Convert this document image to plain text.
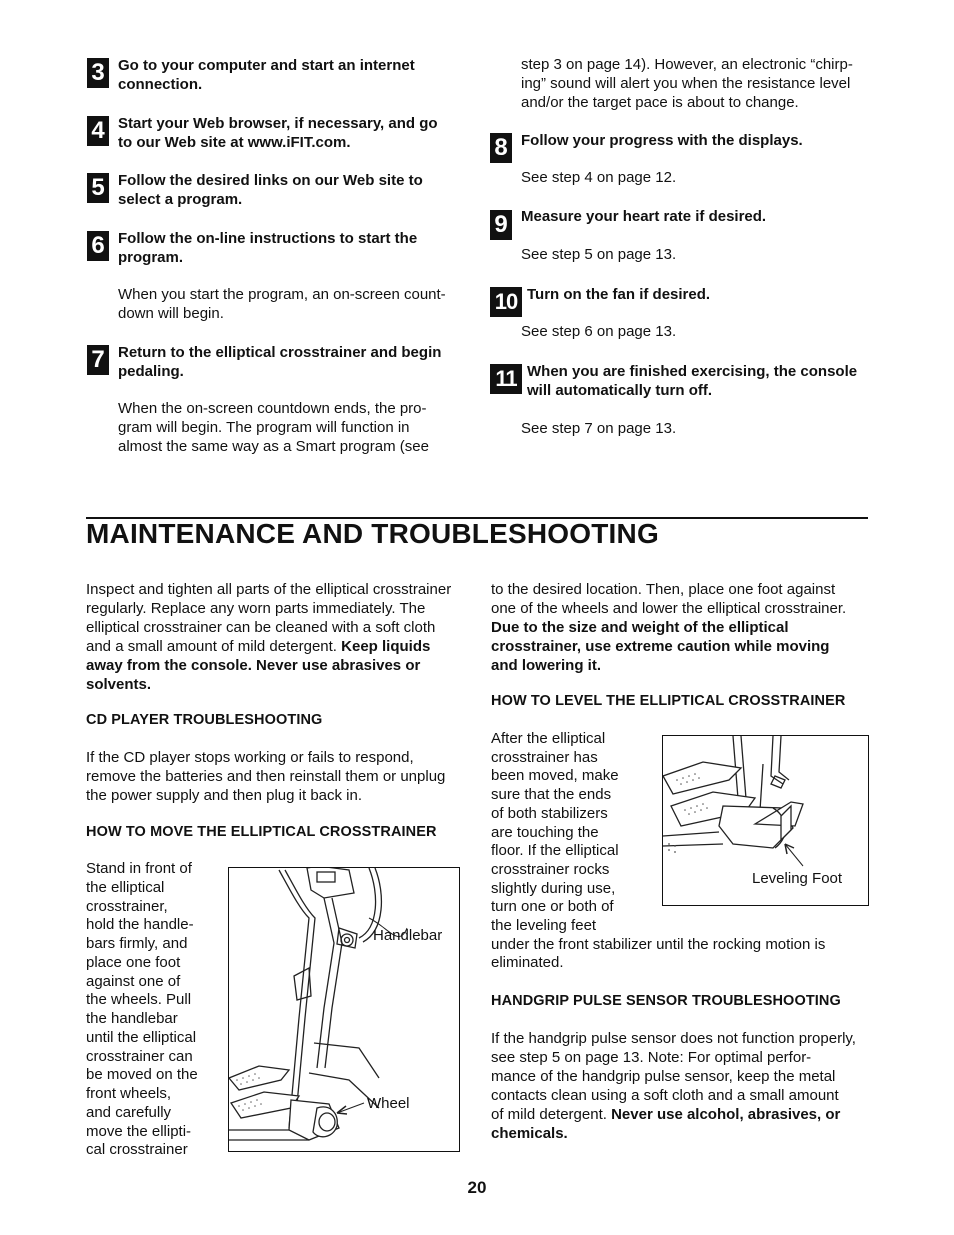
3 Go to your computer and start an internet
connection.
4 Start your Web browser, if necessary, and go
to our Web site at www.iFIT.com.
5 Follow the desired links on our Web site to
select a program.
6 Follow the on-line instructions to start the
program.
When you start the program, an on-screen count-
down will begin.
7 Return to the elliptical crosstrainer and begin
pedaling.
When the on-screen countdown ends, the pro-
gram will begin. The program will function in
almost the same way as a Smart program (see
step 3 on page 14). However, an electronic “chirp-
ing” sound will alert you when the resistance level
and/or the target pace is about to change.
8 Follow your progress with the displays.
See step 4 on page 12.
9 Measure your heart rate if desired.
See step 5 on page 13.
10 Turn on the fan if desired.
See step 6 on page 13.
11 When you are finished exercising, the console
will automatically turn off.
See step 7 on page 13.
MAINTENANCE AND TROUBLESHOOTING
Inspect and tighten all parts of the elliptical crosstrainer
regularly. Replace any worn parts immediately. The
elliptical crosstrainer can be cleaned with a soft cloth
and a small amount of mild detergent. Keep liquids
away from the console. Never use abrasives or
solvents.
CD PLAYER TROUBLESHOOTING
If the CD player stops working or fails to respond,
remove the batteries and then reinstall them or unplug
the power supply and then plug it back in.
HOW TO MOVE THE ELLIPTICAL CROSSTRAINER
Stand in front of
the elliptical
crosstrainer,
hold the handle-
bars firmly, and
place one foot
against one of
the wheels. Pull
the handlebar
until the elliptical
crosstrainer can
be moved on the
front wheels,
and carefully
move the ellipti-
cal crosstrainer
Handlebar
Wheel
to the desired location. Then, place one foot against
one of the wheels and lower the elliptical crosstrainer.
Due to the size and weight of the elliptical
crosstrainer, use extreme caution while moving
and lowering it.
HOW TO LEVEL THE ELLIPTICAL CROSSTRAINER
After the elliptical
crosstrainer has
been moved, make
sure that the ends
of both stabilizers
are touching the
floor. If the elliptical
crosstrainer rocks
slightly during use,
turn one or both of
the leveling feet
under the front stabilizer until the rocking motion is
eliminated.
Leveling Foot
HANDGRIP PULSE SENSOR TROUBLESHOOTING
If the handgrip pulse sensor does not function properly,
see step 5 on page 13. Note: For optimal perfor-
mance of the handgrip pulse sensor, keep the metal
contacts clean using a soft cloth and a small amount
of mild detergent. Never use alcohol, abrasives, or
chemicals.
20
